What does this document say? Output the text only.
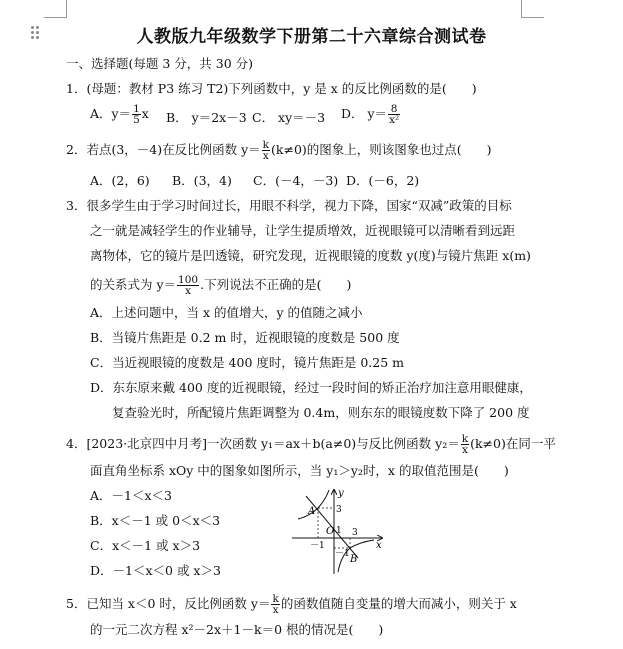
人教版九年级数学下册第二十六章综合测试卷
一、选择题(每题 3 分，共 30 分)
1．(母题：教材 P3 练习 T2)下列函数中，y 是 x 的反比例函数的是(　　)
A．$y= \frac{1}{5}$ x B． y＝2x－3 C． xy＝－3 D． $y= \frac{8}{\text{x²}}$
2．若点(3，－4)在反比例函数 $y= \frac{k}{x} (k\ne 0)$的图象上，则该图象也过点(　　)
A．(2，6) B．(3，4) C．(－4，－3) D．(－6，2)
3．很多学生由于学习时间过长，用眼不科学，视力下降，国家“双减”政策的目标
之一就是减轻学生的作业辅导，让学生提质增效，近视眼镜可以清晰看到远距
离物体，它的镜片是凹透镜，研究发现，近视眼镜的度数 y(度)与镜片焦距 x(m)
的关系式为 $y= \frac{100}{x}$ .下列说法不正确的是(　　)
A．上述问题中，当 x 的值增大，y 的值随之减小
B．当镜片焦距是 0.2 m 时，近视眼镜的度数是 500 度
C．当近视眼镜的度数是 400 度时，镜片焦距是 0.25 m
D．东东原来戴 400 度的近视眼镜，经过一段时间的矫正治疗加注意用眼健康，
复查验光时，所配镜片焦距调整为 0.4m，则东东的眼镜度数下降了 200 度
4．[2023·北京四中月考]一次函数 y₁＝ax＋b(a≠0)与反比例函数 $y_2= \frac{k}{x} (k\ne 0)$在同一平
面直角坐标系 xOy 中的图象如图所示，当 y₁＞y₂时，x 的取值范围是(　　)
A．－1＜x＜3
B．x＜－1 或 0＜x＜3
C．x＜－1 或 x＞3
D．－1＜x＜0 或 x＞3
y
x
O
A
B
3
1
－1
3
－1
5．已知当 x＜0 时，反比例函数 $y= \frac{k}{x}$ 的函数值随自变量的增大而减小，则关于 x
的一元二次方程 x²－2x＋1－k＝0 根的情况是(　　)
